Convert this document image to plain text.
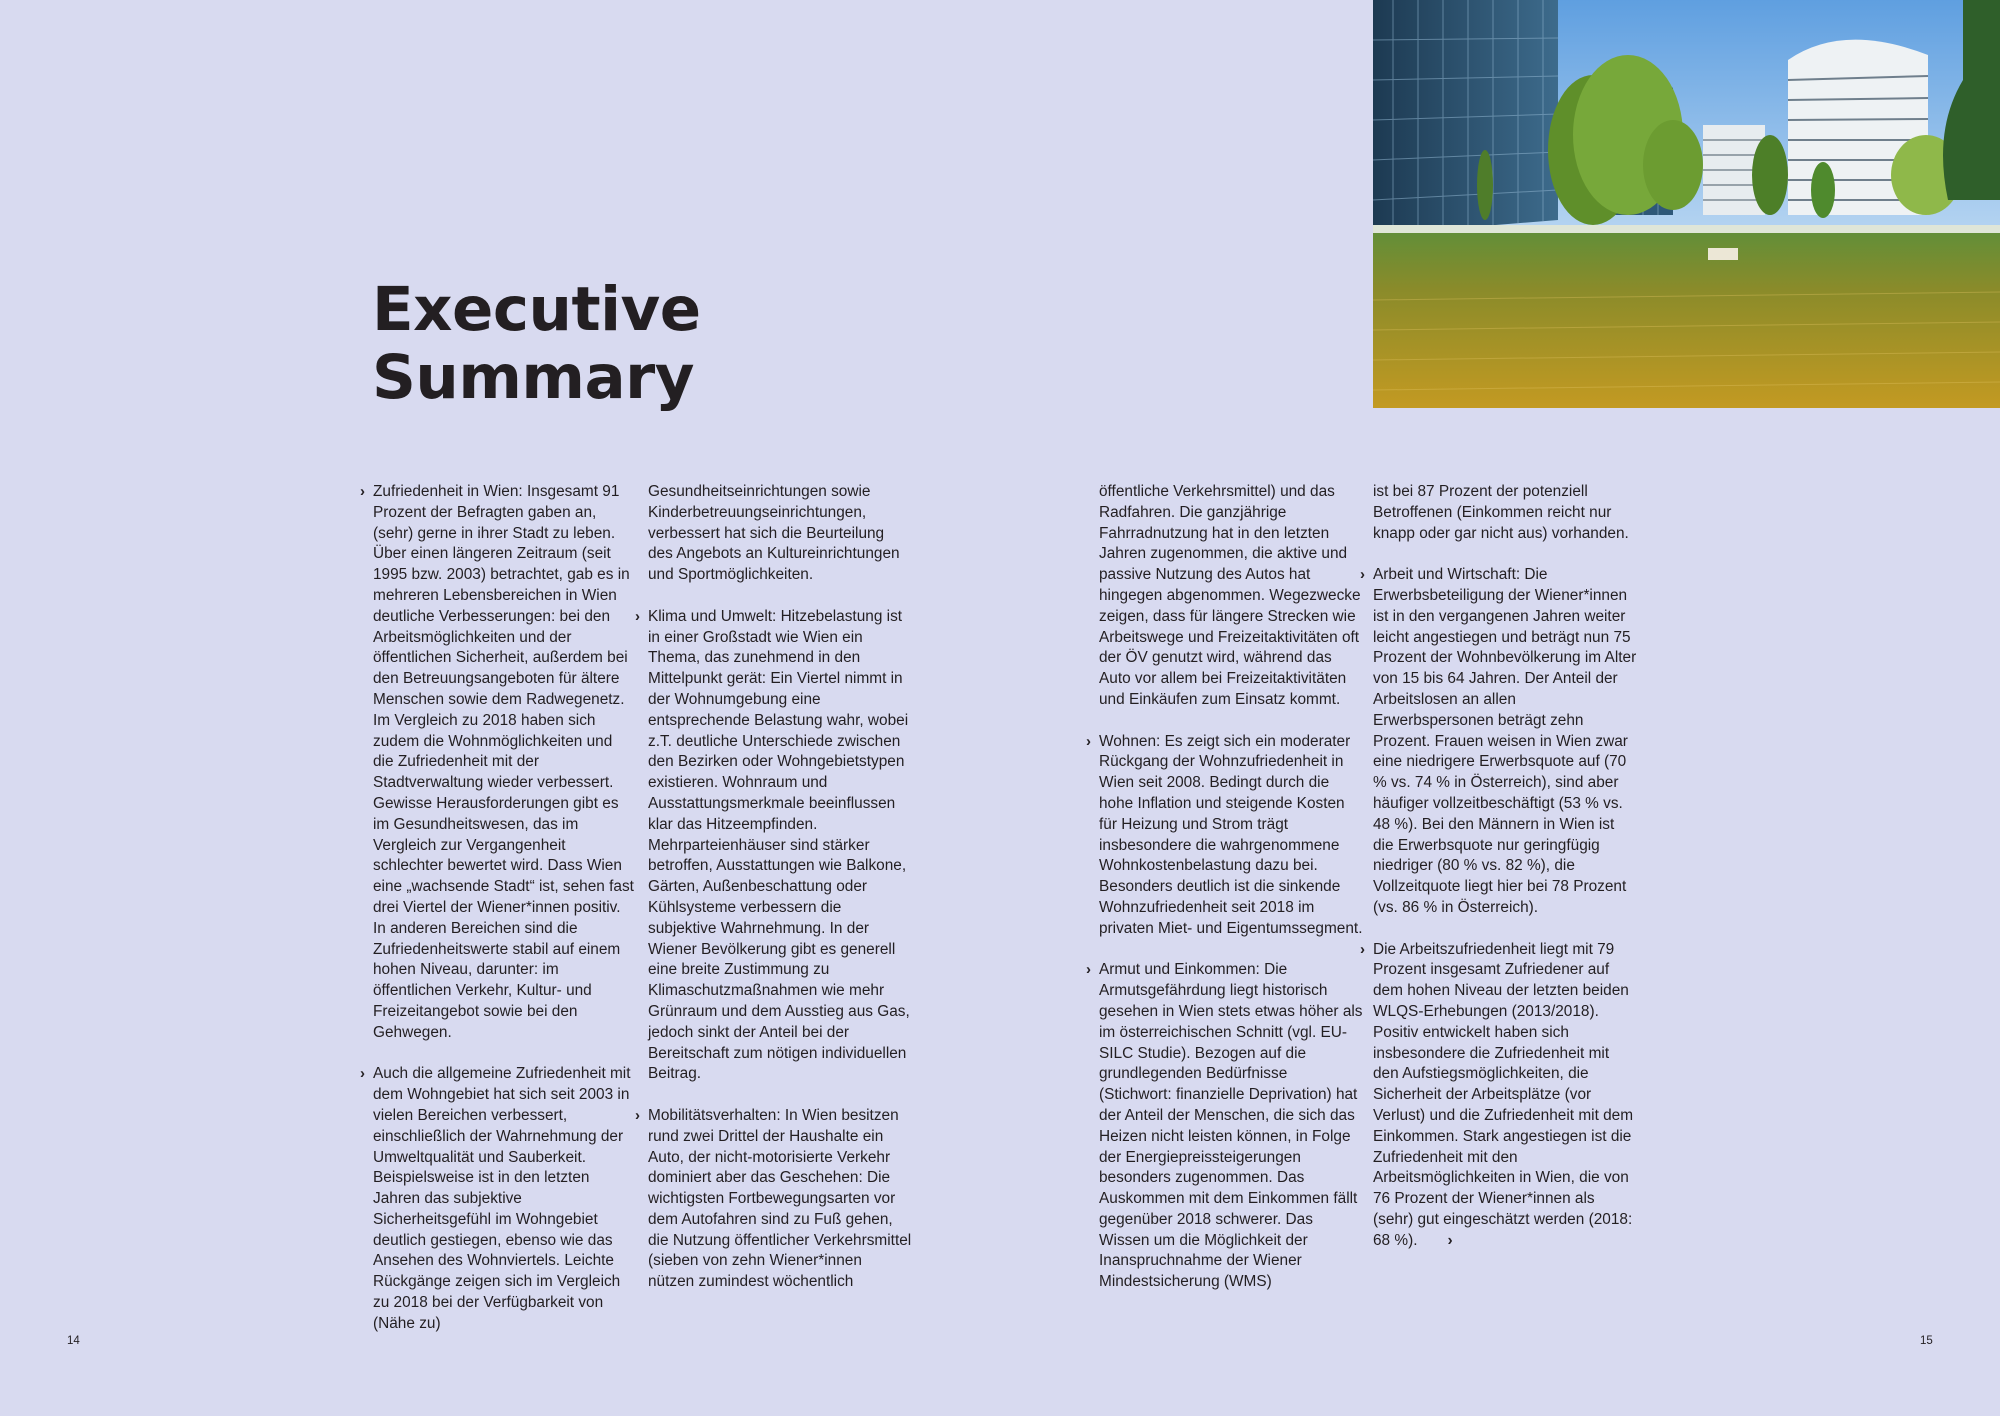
Executive
Summary

› Zufriedenheit in Wien: Insgesamt 91 Prozent der Befragten gaben an, (sehr) gerne in ihrer Stadt zu leben. Über einen längeren Zeitraum (seit 1995 bzw. 2003) betrachtet, gab es in mehreren Lebensbereichen in Wien deutliche Verbesserungen: bei den Arbeitsmöglichkeiten und der öffentlichen Sicherheit, außerdem bei den Betreuungsangeboten für ältere Menschen sowie dem Radwegenetz. Im Vergleich zu 2018 haben sich zudem die Wohnmöglichkeiten und die Zufriedenheit mit der Stadtverwaltung wieder verbessert. Gewisse Herausforderungen gibt es im Gesundheitswesen, das im Vergleich zur Vergangenheit schlechter bewertet wird. Dass Wien eine „wachsende Stadt“ ist, sehen fast drei Viertel der Wiener*innen positiv. In anderen Bereichen sind die Zufriedenheitswerte stabil auf einem hohen Niveau, darunter: im öffentlichen Verkehr, Kultur- und Freizeitangebot sowie bei den Gehwegen.

› Auch die allgemeine Zufriedenheit mit dem Wohngebiet hat sich seit 2003 in vielen Bereichen verbessert, einschließlich der Wahrnehmung der Umweltqualität und Sauberkeit. Beispielsweise ist in den letzten Jahren das subjektive Sicherheitsgefühl im Wohngebiet deutlich gestiegen, ebenso wie das Ansehen des Wohnviertels. Leichte Rückgänge zeigen sich im Vergleich zu 2018 bei der Verfügbarkeit von (Nähe zu)

Gesundheitseinrichtungen sowie Kinderbetreuungseinrichtungen, verbessert hat sich die Beurteilung des Angebots an Kultureinrichtungen und Sportmöglichkeiten.

› Klima und Umwelt: Hitzebelastung ist in einer Großstadt wie Wien ein Thema, das zunehmend in den Mittelpunkt gerät: Ein Viertel nimmt in der Wohnumgebung eine entsprechende Belastung wahr, wobei z.T. deutliche Unterschiede zwischen den Bezirken oder Wohngebietstypen existieren. Wohnraum und Ausstattungsmerkmale beeinflussen klar das Hitzeempfinden. Mehrparteienhäuser sind stärker betroffen, Ausstattungen wie Balkone, Gärten, Außenbeschattung oder Kühlsysteme verbessern die subjektive Wahrnehmung. In der Wiener Bevölkerung gibt es generell eine breite Zustimmung zu Klimaschutzmaßnahmen wie mehr Grünraum und dem Ausstieg aus Gas, jedoch sinkt der Anteil bei der Bereitschaft zum nötigen individuellen Beitrag.

› Mobilitätsverhalten: In Wien besitzen rund zwei Drittel der Haushalte ein Auto, der nicht-motorisierte Verkehr dominiert aber das Geschehen: Die wichtigsten Fortbewegungsarten vor dem Autofahren sind zu Fuß gehen, die Nutzung öffentlicher Verkehrsmittel (sieben von zehn Wiener*innen nützen zumindest wöchentlich

öffentliche Verkehrsmittel) und das Radfahren. Die ganzjährige Fahrradnutzung hat in den letzten Jahren zugenommen, die aktive und passive Nutzung des Autos hat hingegen abgenommen. Wegezwecke zeigen, dass für längere Strecken wie Arbeitswege und Freizeitaktivitäten oft der ÖV genutzt wird, während das Auto vor allem bei Freizeitaktivitäten und Einkäufen zum Einsatz kommt.

› Wohnen: Es zeigt sich ein moderater Rückgang der Wohnzufriedenheit in Wien seit 2008. Bedingt durch die hohe Inflation und steigende Kosten für Heizung und Strom trägt insbesondere die wahrgenommene Wohnkostenbelastung dazu bei. Besonders deutlich ist die sinkende Wohnzufriedenheit seit 2018 im privaten Miet- und Eigentumssegment.

› Armut und Einkommen: Die Armutsgefährdung liegt historisch gesehen in Wien stets etwas höher als im österreichischen Schnitt (vgl. EU-SILC Studie). Bezogen auf die grundlegenden Bedürfnisse (Stichwort: finanzielle Deprivation) hat der Anteil der Menschen, die sich das Heizen nicht leisten können, in Folge der Energiepreissteigerungen besonders zugenommen. Das Auskommen mit dem Einkommen fällt gegenüber 2018 schwerer. Das Wissen um die Möglichkeit der Inanspruchnahme der Wiener Mindestsicherung (WMS)

ist bei 87 Prozent der potenziell Betroffenen (Einkommen reicht nur knapp oder gar nicht aus) vorhanden.

› Arbeit und Wirtschaft: Die Erwerbsbeteiligung der Wiener*innen ist in den vergangenen Jahren weiter leicht angestiegen und beträgt nun 75 Prozent der Wohnbevölkerung im Alter von 15 bis 64 Jahren. Der Anteil der Arbeitslosen an allen Erwerbspersonen beträgt zehn Prozent. Frauen weisen in Wien zwar eine niedrigere Erwerbsquote auf (70 % vs. 74 % in Österreich), sind aber häufiger vollzeitbeschäftigt (53 % vs. 48 %). Bei den Männern in Wien ist die Erwerbsquote nur geringfügig niedriger (80 % vs. 82 %), die Vollzeitquote liegt hier bei 78 Prozent (vs. 86 % in Österreich).

› Die Arbeitszufriedenheit liegt mit 79 Prozent insgesamt Zufriedener auf dem hohen Niveau der letzten beiden WLQS-Erhebungen (2013/2018). Positiv entwickelt haben sich insbesondere die Zufriedenheit mit den Aufstiegsmöglichkeiten, die Sicherheit der Arbeitsplätze (vor Verlust) und die Zufriedenheit mit dem Einkommen. Stark angestiegen ist die Zufriedenheit mit den Arbeitsmöglichkeiten in Wien, die von 76 Prozent der Wiener*innen als (sehr) gut eingeschätzt werden (2018: 68 %). ›

14	15
